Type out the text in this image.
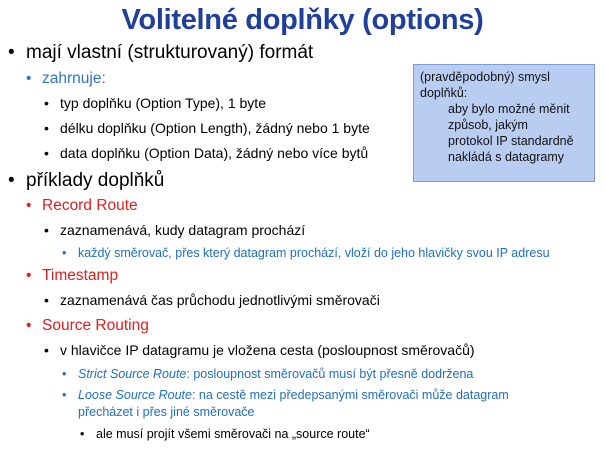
Volitelné doplňky (options)
• mají vlastní (strukturovaný) formát
• zahrnuje:
• typ doplňku (Option Type), 1 byte
• délku doplňku (Option Length), žádný nebo 1 byte
• data doplňku (Option Data), žádný nebo více bytů
• příklady doplňků
• Record Route
• zaznamenává, kudy datagram prochází
• každý směrovač, přes který datagram prochází, vloží do jeho hlavičky svou IP adresu
• Timestamp
• zaznamenává čas průchodu jednotlivými směrovači
• Source Routing
• v hlavičce IP datagramu je vložena cesta (posloupnost směrovačů)
• Strict Source Route: posloupnost směrovačů musí být přesně dodržena
• Loose Source Route: na cestě mezi předepsanými směrovači může datagram
přecházet i přes jiné směrovače
• ale musí projít všemi směrovači na „source route“
(pravděpodobný) smysl
doplňků:
aby bylo možné měnit
způsob, jakým
protokol IP standardně
nakládá s datagramy
